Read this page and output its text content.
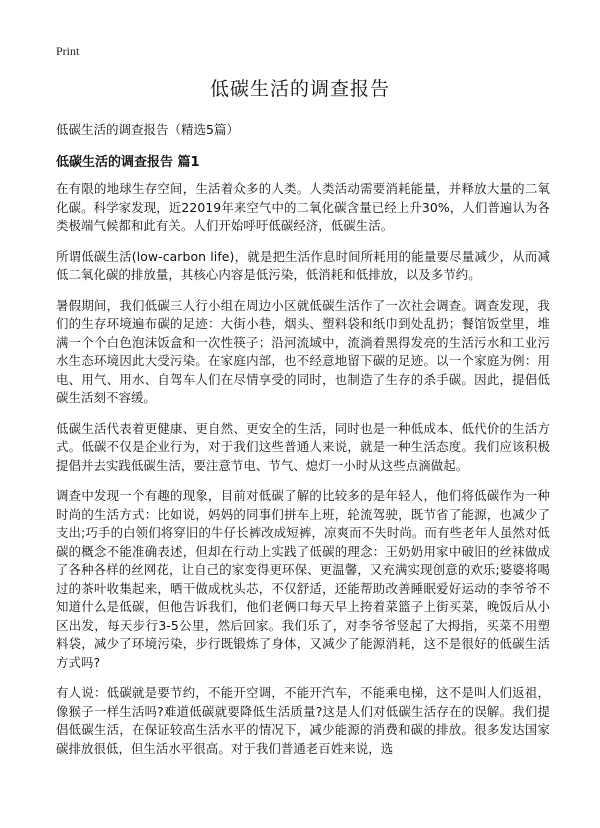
Print
低碳生活的调查报告

低碳生活的调查报告（精选5篇）

低碳生活的调查报告 篇1

在有限的地球生存空间，生活着众多的人类。人类活动需要消耗能量，并释放大量的二氧化碳。科学家发现，近22019年来空气中的二氧化碳含量已经上升30%，人们普遍认为各类极端气候都和此有关。人们开始呼吁低碳经济，低碳生活。

所谓低碳生活(low-carbon life)，就是把生活作息时间所耗用的能量要尽量减少，从而减低二氧化碳的排放量，其核心内容是低污染，低消耗和低排放，以及多节约。

暑假期间，我们低碳三人行小组在周边小区就低碳生活作了一次社会调查。调查发现，我们的生存环境遍布碳的足迹：大街小巷，烟头、塑料袋和纸巾到处乱扔；餐馆饭堂里，堆满一个个白色泡沫饭盒和一次性筷子；沿河流域中，流淌着黑得发亮的生活污水和工业污水生态环境因此大受污染。在家庭内部，也不经意地留下碳的足迹。以一个家庭为例：用电、用气、用水、自驾车人们在尽情享受的同时，也制造了生存的杀手碳。因此，提倡低碳生活刻不容缓。

低碳生活代表着更健康、更自然、更安全的生活，同时也是一种低成本、低代价的生活方式。低碳不仅是企业行为，对于我们这些普通人来说，就是一种生活态度。我们应该积极提倡并去实践低碳生活，要注意节电、节气、熄灯一小时从这些点滴做起。

调查中发现一个有趣的现象，目前对低碳了解的比较多的是年轻人，他们将低碳作为一种时尚的生活方式：比如说，妈妈的同事们拼车上班，轮流驾驶，既节省了能源，也减少了支出;巧手的白领们将穿旧的牛仔长裤改成短裤，凉爽而不失时尚。而有些老年人虽然对低碳的概念不能准确表述，但却在行动上实践了低碳的理念：王奶奶用家中破旧的丝袜做成了各种各样的丝网花，让自己的家变得更环保、更温馨，又充满实现创意的欢乐;婆婆将喝过的茶叶收集起来，晒干做成枕头芯，不仅舒适，还能帮助改善睡眠爱好运动的李爷爷不知道什么是低碳，但他告诉我们，他们老俩口每天早上挎着菜篮子上街买菜，晚饭后从小区出发，每天步行3-5公里，然后回家。我们乐了，对李爷爷竖起了大拇指，买菜不用塑料袋，减少了环境污染，步行既锻炼了身体，又减少了能源消耗，这不是很好的低碳生活方式吗?

有人说：低碳就是要节约，不能开空调，不能开汽车，不能乘电梯，这不是叫人们返祖，像猴子一样生活吗?难道低碳就要降低生活质量?这是人们对低碳生活存在的误解。我们提倡低碳生活，在保证较高生活水平的情况下，减少能源的消费和碳的排放。很多发达国家碳排放很低，但生活水平很高。对于我们普通老百姓来说，选
